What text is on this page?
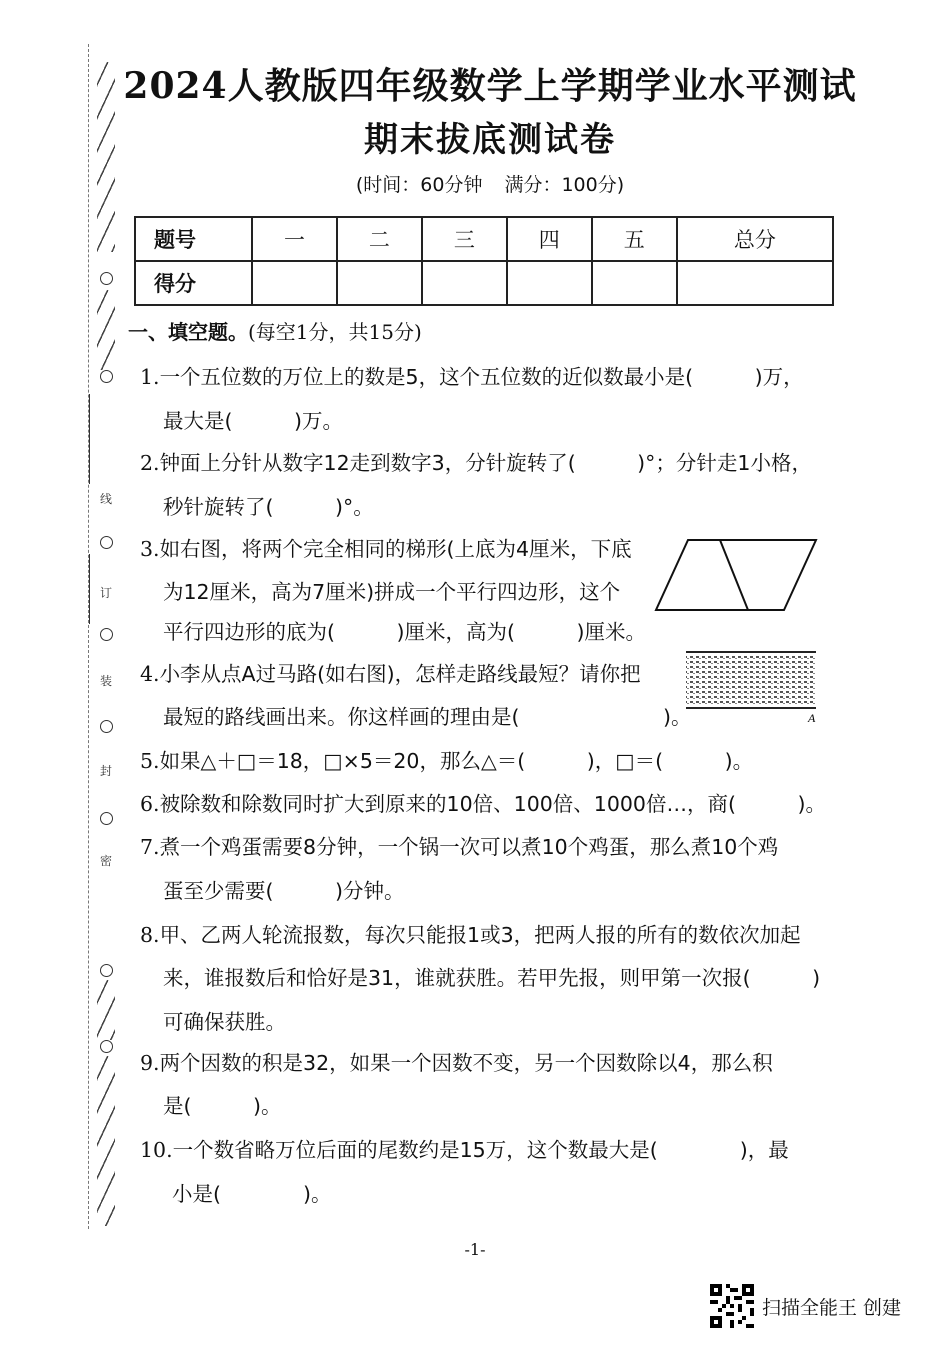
线
订
装
封
密
2024人教版四年级数学上学期学业水平测试
期末拔底测试卷
(时间：60分钟 满分：100分)
题号	一	二	三	四	五	总分
得分						
一、填空题。(每空1分，共15分)
1.一个五位数的万位上的数是5，这个五位数的近似数最小是(　　　)万，
最大是(　　　)万。
2.钟面上分针从数字12走到数字3，分针旋转了(　　　)°；分针走1小格，
秒针旋转了(　　　)°。
3.如右图，将两个完全相同的梯形(上底为4厘米，下底
为12厘米，高为7厘米)拼成一个平行四边形，这个
平行四边形的底为(　　　)厘米，高为(　　　)厘米。
4.小李从点A过马路(如右图)，怎样走路线最短？请你把
最短的路线画出来。你这样画的理由是(　　　　　　　)。
5.如果△＋□＝18，□×5＝20，那么△＝(　　　)，□＝(　　　)。
6.被除数和除数同时扩大到原来的10倍、100倍、1000倍…，商(　　　)。
7.煮一个鸡蛋需要8分钟，一个锅一次可以煮10个鸡蛋，那么煮10个鸡
蛋至少需要(　　　)分钟。
8.甲、乙两人轮流报数，每次只能报1或3，把两人报的所有的数依次加起
来，谁报数后和恰好是31，谁就获胜。若甲先报，则甲第一次报(　　　)
可确保获胜。
9.两个因数的积是32，如果一个因数不变，另一个因数除以4，那么积
是(　　　)。
10.一个数省略万位后面的尾数约是15万，这个数最大是(　　　　)，最
小是(　　　　)。
A
-1-
扫描全能王 创建
